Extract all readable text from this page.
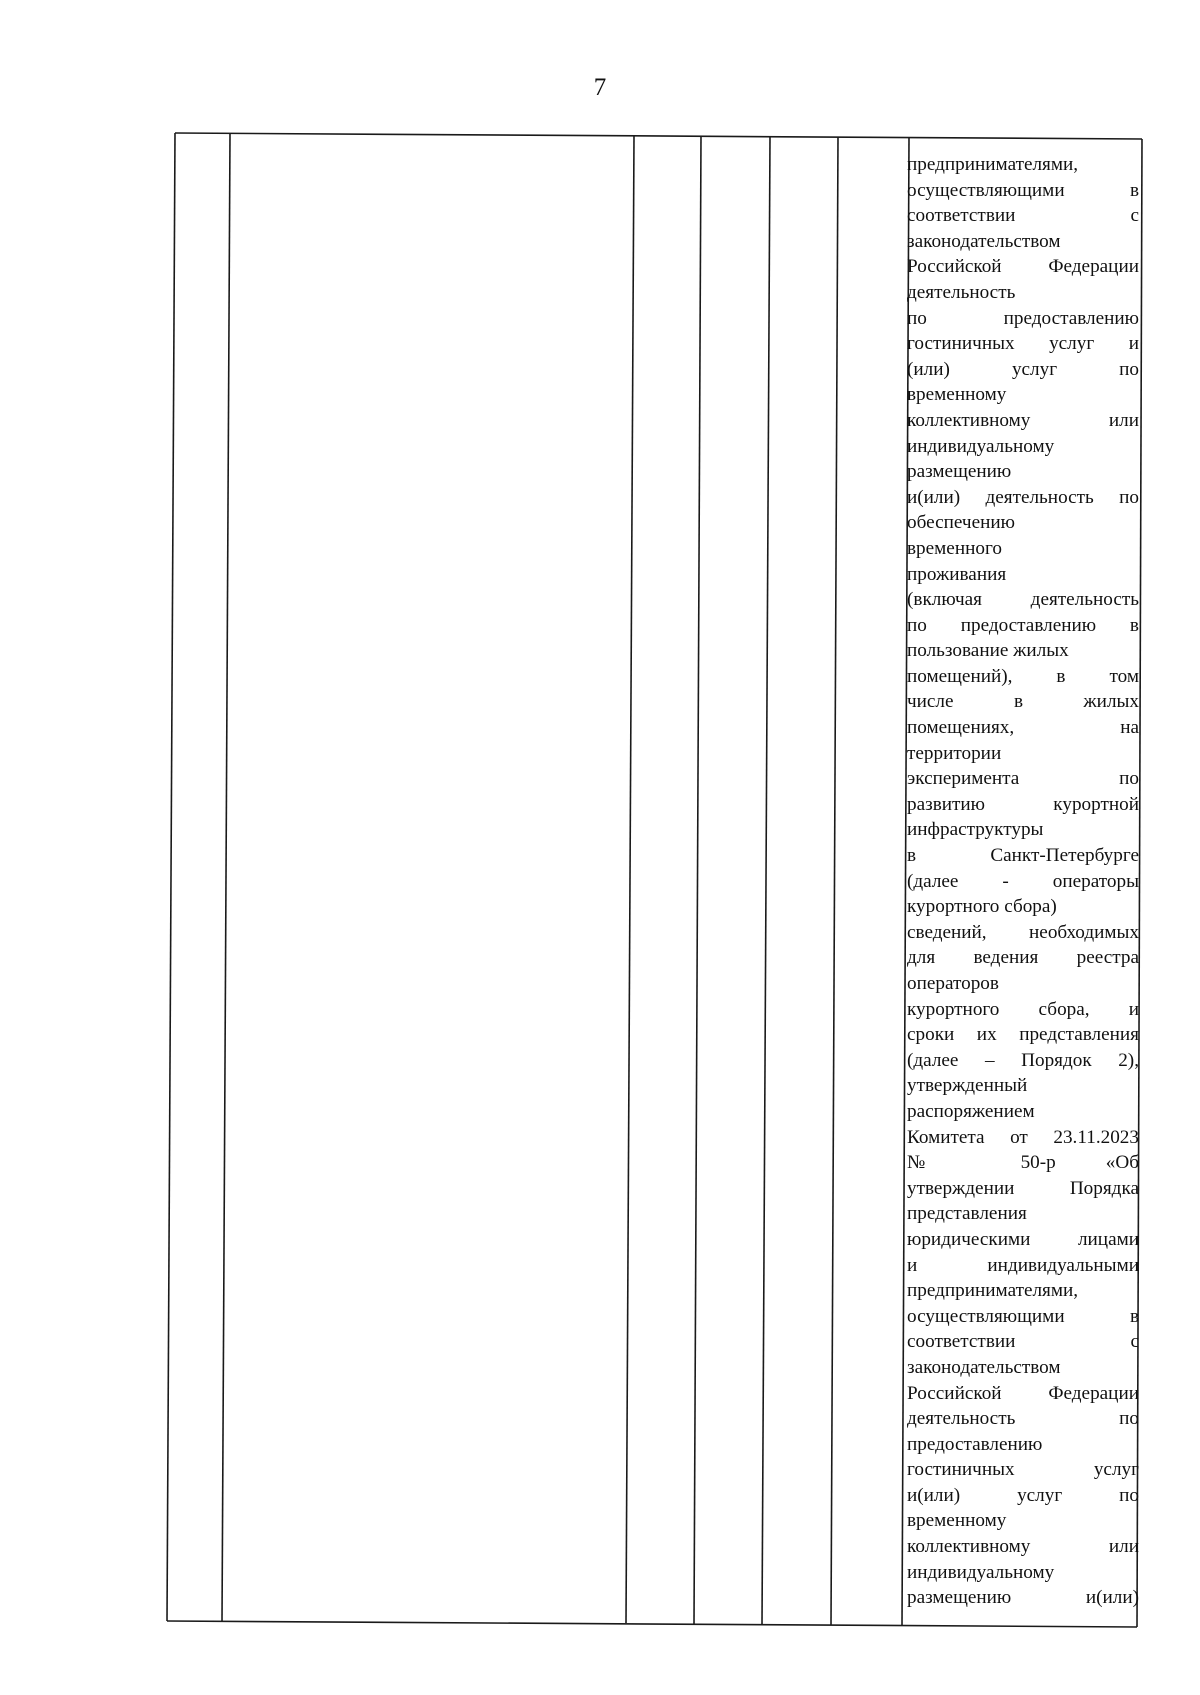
7
предпринимателями,
осуществляющими в
соответствии с
законодательством
Российской Федерации
деятельность
по предоставлению
гостиничных услуг и
(или) услуг по
временному
коллективному или
индивидуальному
размещению
и(или) деятельность по
обеспечению
временного
проживания
(включая деятельность
по предоставлению в
пользование жилых
помещений), в том
числе в жилых
помещениях, на
территории
эксперимента по
развитию курортной
инфраструктуры
в Санкт-Петербурге
(далее - операторы
курортного сбора)
сведений, необходимых
для ведения реестра
операторов
курортного сбора, и
сроки их представления
(далее – Порядок 2),
утвержденный
распоряжением
Комитета от 23.11.2023
№ 50-р «Об
утверждении Порядка
представления
юридическими лицами
и индивидуальными
предпринимателями,
осуществляющими в
соответствии с
законодательством
Российской Федерации
деятельность по
предоставлению
гостиничных услуг
и(или) услуг по
временному
коллективному или
индивидуальному
размещению и(или)
